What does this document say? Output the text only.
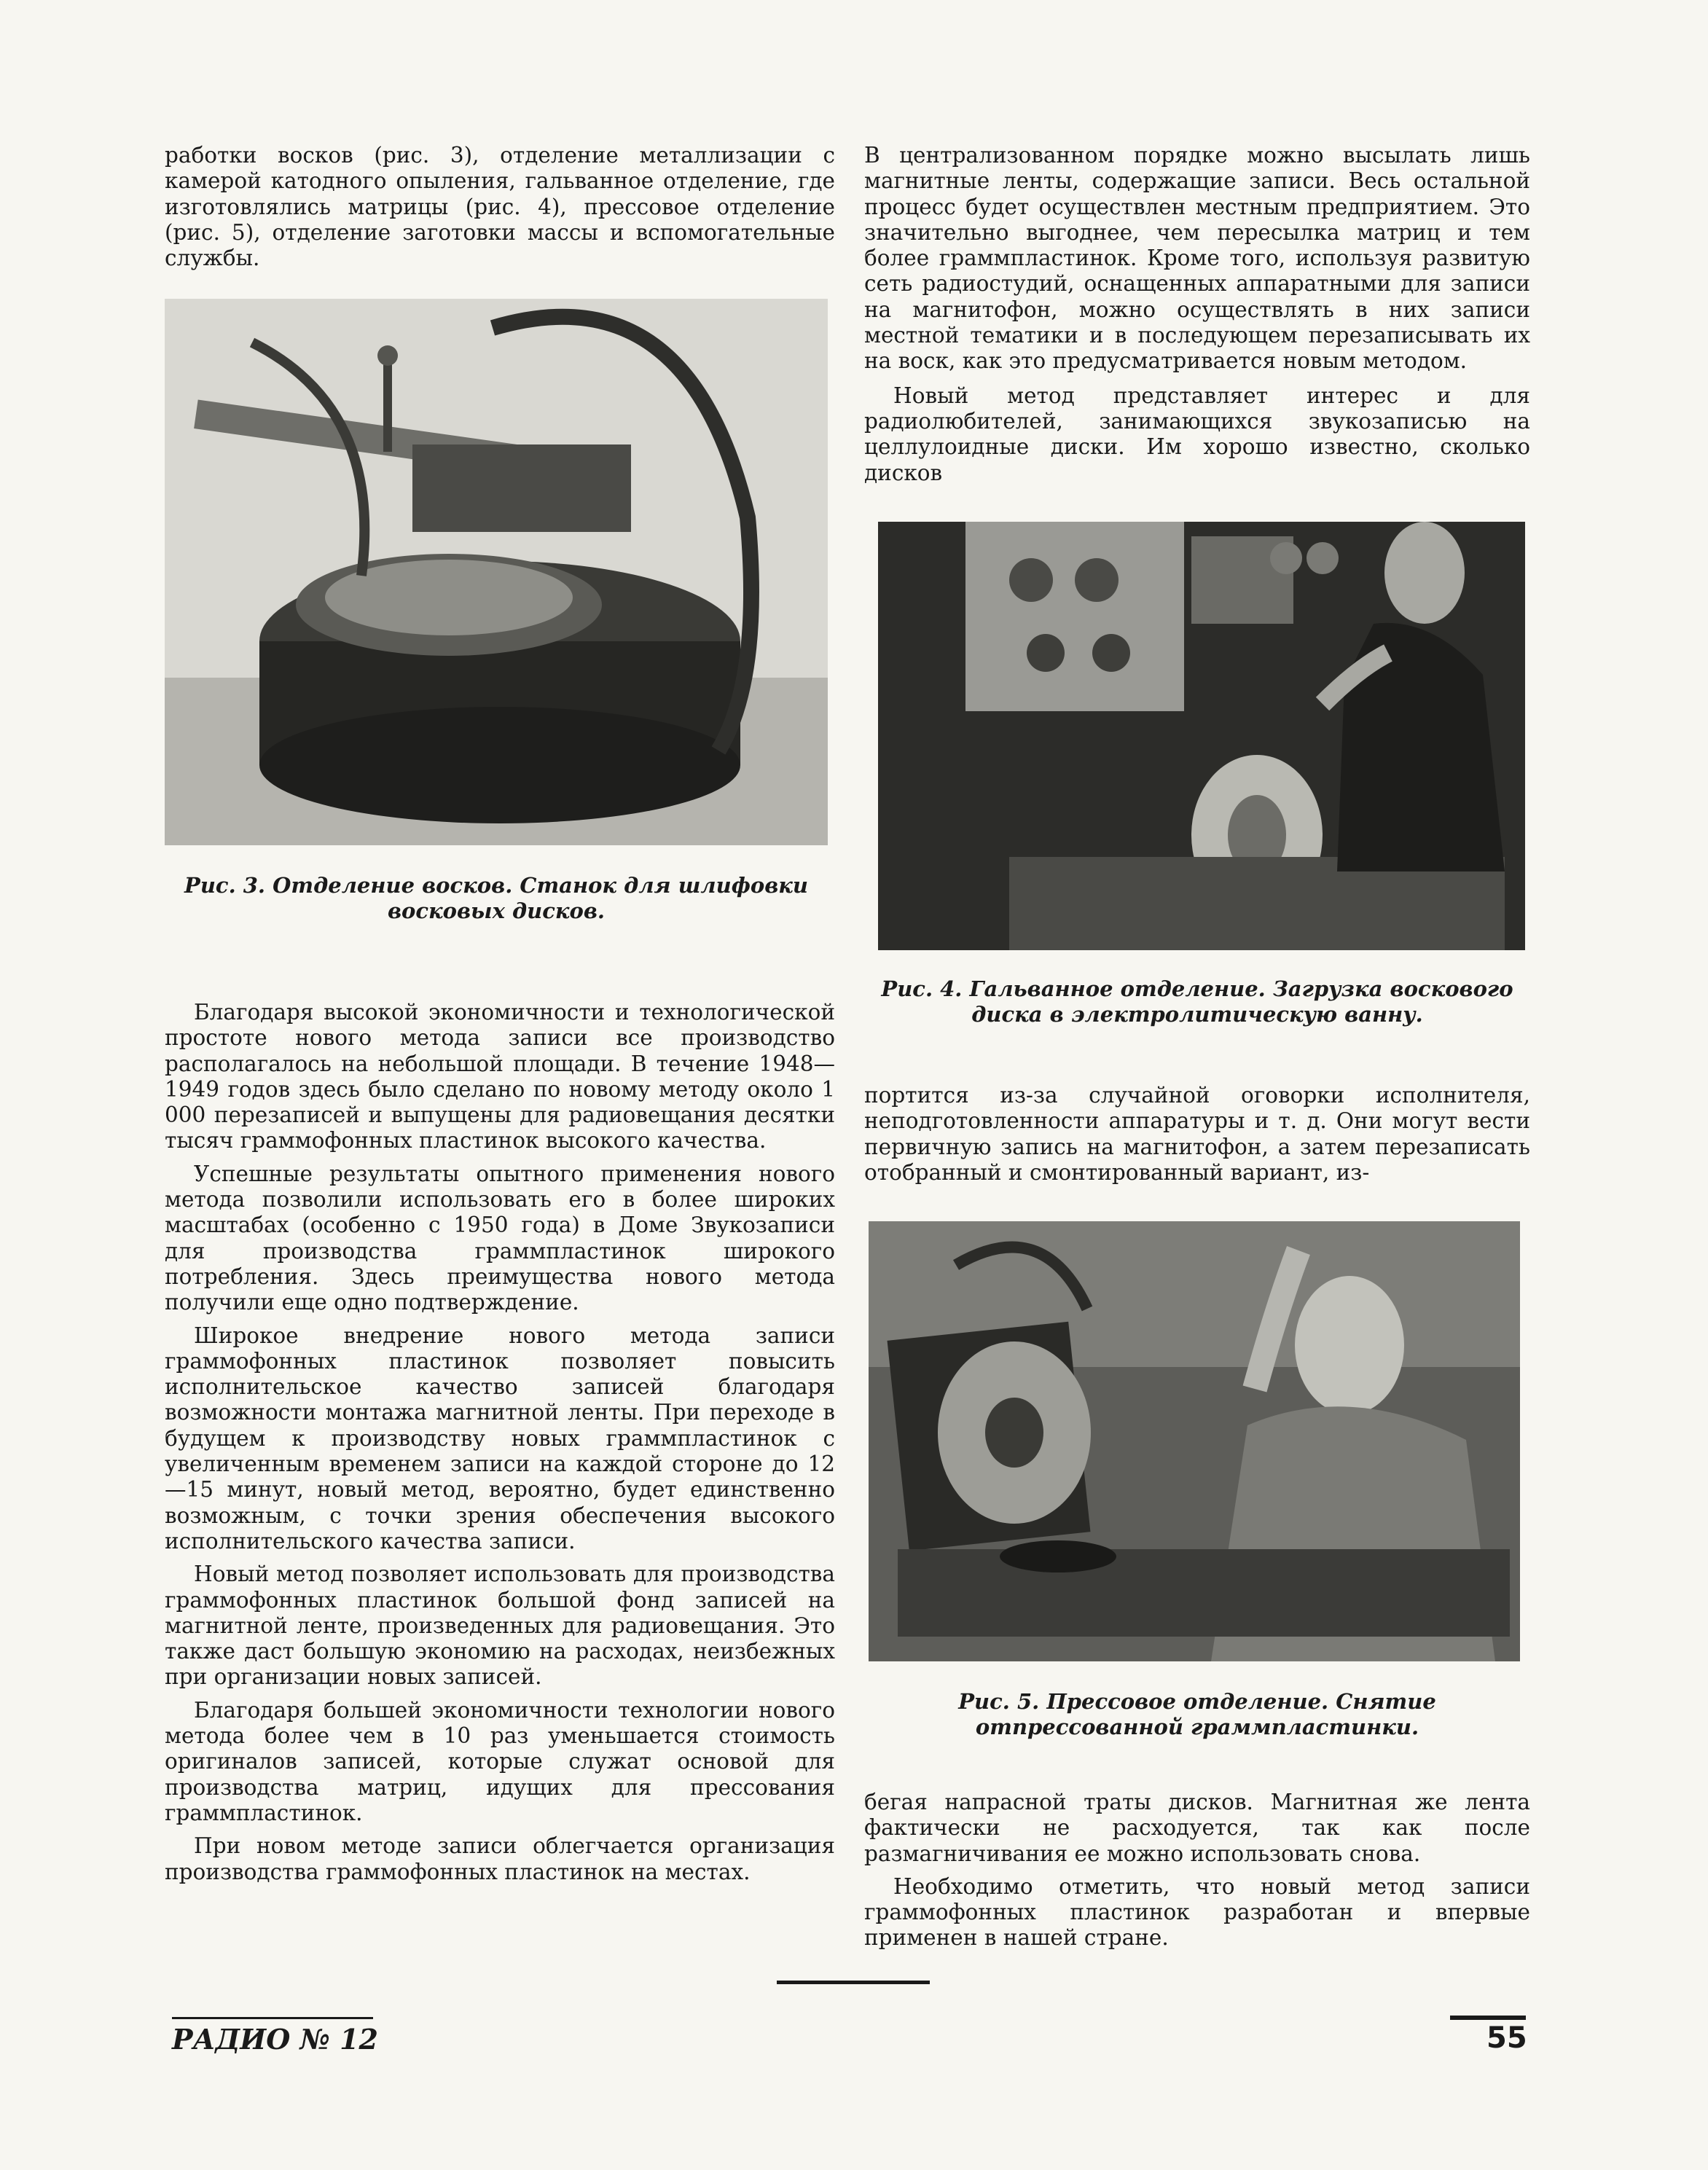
работки восков (рис. 3), отделение металлизации с камерой катодного опыления, гальванное отделение, где изготовлялись матрицы (рис. 4), прессовое отделение (рис. 5), отделение заготовки массы и вспомогательные службы.

Рис. 3. Отделение восков. Станок для шлифовки восковых дисков.

Благодаря высокой экономичности и технологической простоте нового метода записи все производство располагалось на небольшой площади. В течение 1948—1949 годов здесь было сделано по новому методу около 1 000 перезаписей и выпущены для радиовещания десятки тысяч граммофонных пластинок высокого качества.

Успешные результаты опытного применения нового метода позволили использовать его в более широких масштабах (особенно с 1950 года) в Доме Звукозаписи для производства граммпластинок широкого потребления. Здесь преимущества нового метода получили еще одно подтверждение.

Широкое внедрение нового метода записи граммофонных пластинок позволяет повысить исполнительское качество записей благодаря возможности монтажа магнитной ленты. При переходе в будущем к производству новых граммпластинок с увеличенным временем записи на каждой стороне до 12—15 минут, новый метод, вероятно, будет единственно возможным, с точки зрения обеспечения высокого исполнительского качества записи.

Новый метод позволяет использовать для производства граммофонных пластинок большой фонд записей на магнитной ленте, произведенных для радиовещания. Это также даст большую экономию на расходах, неизбежных при организации новых записей.

Благодаря большей экономичности технологии нового метода более чем в 10 раз уменьшается стоимость оригиналов записей, которые служат основой для производства матриц, идущих для прессования граммпластинок.

При новом методе записи облегчается организация производства граммофонных пластинок на местах.

В централизованном порядке можно высылать лишь магнитные ленты, содержащие записи. Весь остальной процесс будет осуществлен местным предприятием. Это значительно выгоднее, чем пересылка матриц и тем более граммпластинок. Кроме того, используя развитую сеть радиостудий, оснащенных аппаратными для записи на магнитофон, можно осуществлять в них записи местной тематики и в последующем перезаписывать их на воск, как это предусматривается новым методом.

Новый метод представляет интерес и для радиолюбителей, занимающихся звукозаписью на целлулоидные диски. Им хорошо известно, сколько дисков

Рис. 4. Гальванное отделение. Загрузка воскового диска в электролитическую ванну.

портится из-за случайной оговорки исполнителя, неподготовленности аппаратуры и т. д. Они могут вести первичную запись на магнитофон, а затем перезаписать отобранный и смонтированный вариант, из-

Рис. 5. Прессовое отделение. Снятие отпрессованной граммпластинки.

бегая напрасной траты дисков. Магнитная же лента фактически не расходуется, так как после размагничивания ее можно использовать снова.

Необходимо отметить, что новый метод записи граммофонных пластинок разработан и впервые применен в нашей стране.

РАДИО № 12	55
